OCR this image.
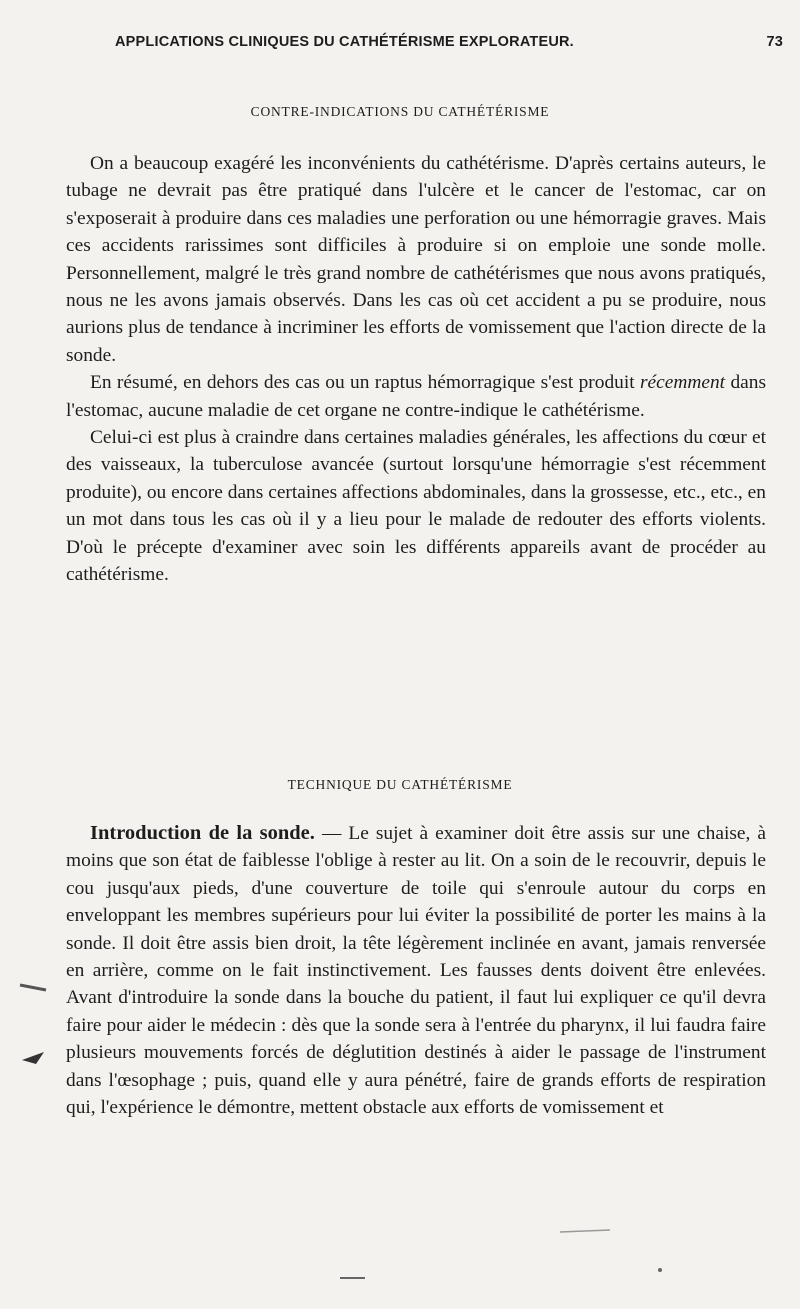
APPLICATIONS CLINIQUES DU CATHÉTÉRISME EXPLORATEUR.	73
CONTRE-INDICATIONS DU CATHÉTÉRISME

On a beaucoup exagéré les inconvénients du cathétérisme. D'après certains auteurs, le tubage ne devrait pas être pratiqué dans l'ulcère et le cancer de l'estomac, car on s'exposerait à produire dans ces maladies une perforation ou une hémorragie graves. Mais ces accidents rarissimes sont difficiles à produire si on emploie une sonde molle. Personnellement, malgré le très grand nombre de cathétérismes que nous avons pratiqués, nous ne les avons jamais observés. Dans les cas où cet accident a pu se produire, nous aurions plus de tendance à incriminer les efforts de vomissement que l'action directe de la sonde.

En résumé, en dehors des cas ou un raptus hémorragique s'est produit récemment dans l'estomac, aucune maladie de cet organe ne contre-indique le cathétérisme.

Celui-ci est plus à craindre dans certaines maladies générales, les affections du cœur et des vaisseaux, la tuberculose avancée (surtout lorsqu'une hémorragie s'est récemment produite), ou encore dans certaines affections abdominales, dans la grossesse, etc., etc., en un mot dans tous les cas où il y a lieu pour le malade de redouter des efforts violents. D'où le précepte d'examiner avec soin les différents appareils avant de procéder au cathétérisme.

TECHNIQUE DU CATHÉTÉRISME

Introduction de la sonde. — Le sujet à examiner doit être assis sur une chaise, à moins que son état de faiblesse l'oblige à rester au lit. On a soin de le recouvrir, depuis le cou jusqu'aux pieds, d'une couverture de toile qui s'enroule autour du corps en enveloppant les membres supérieurs pour lui éviter la possibilité de porter les mains à la sonde. Il doit être assis bien droit, la tête légèrement inclinée en avant, jamais renversée en arrière, comme on le fait instinctivement. Les fausses dents doivent être enlevées. Avant d'introduire la sonde dans la bouche du patient, il faut lui expliquer ce qu'il devra faire pour aider le médecin : dès que la sonde sera à l'entrée du pharynx, il lui faudra faire plusieurs mouvements forcés de déglutition destinés à aider le passage de l'instrument dans l'œsophage ; puis, quand elle y aura pénétré, faire de grands efforts de respiration qui, l'expérience le démontre, mettent obstacle aux efforts de vomissement et
